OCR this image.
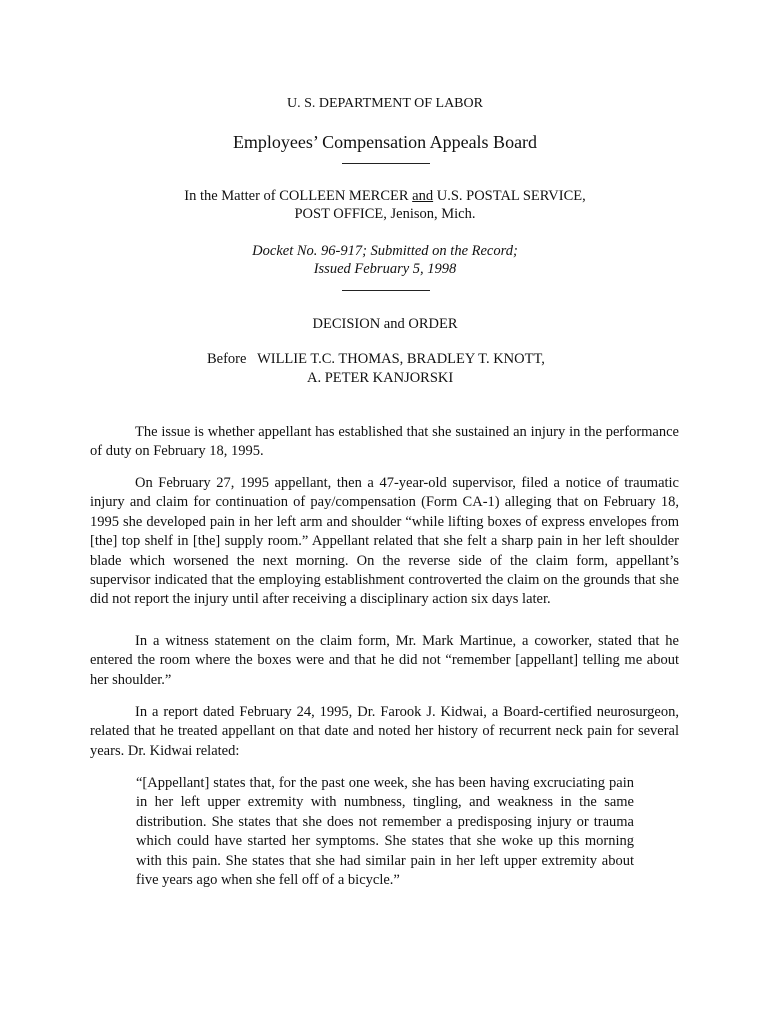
U. S. DEPARTMENT OF LABOR
Employees’ Compensation Appeals Board
In the Matter of COLLEEN MERCER and U.S. POSTAL SERVICE,
POST OFFICE, Jenison, Mich.
Docket No. 96-917; Submitted on the Record;
Issued February 5, 1998
DECISION and ORDER
Before   WILLIE T.C. THOMAS, BRADLEY T. KNOTT,
A. PETER KANJORSKI

The issue is whether appellant has established that she sustained an injury in the performance of duty on February 18, 1995.

On February 27, 1995 appellant, then a 47-year-old supervisor, filed a notice of traumatic injury and claim for continuation of pay/compensation (Form CA-1) alleging that on February 18, 1995 she developed pain in her left arm and shoulder “while lifting boxes of express envelopes from [the] top shelf in [the] supply room.” Appellant related that she felt a sharp pain in her left shoulder blade which worsened the next morning. On the reverse side of the claim form, appellant’s supervisor indicated that the employing establishment controverted the claim on the grounds that she did not report the injury until after receiving a disciplinary action six days later.

In a witness statement on the claim form, Mr. Mark Martinue, a coworker, stated that he entered the room where the boxes were and that he did not “remember [appellant] telling me about her shoulder.”

In a report dated February 24, 1995, Dr. Farook J. Kidwai, a Board-certified neurosurgeon, related that he treated appellant on that date and noted her history of recurrent neck pain for several years. Dr. Kidwai related:

“[Appellant] states that, for the past one week, she has been having excruciating pain in her left upper extremity with numbness, tingling, and weakness in the same distribution. She states that she does not remember a predisposing injury or trauma which could have started her symptoms. She states that she woke up this morning with this pain. She states that she had similar pain in her left upper extremity about five years ago when she fell off of a bicycle.”
